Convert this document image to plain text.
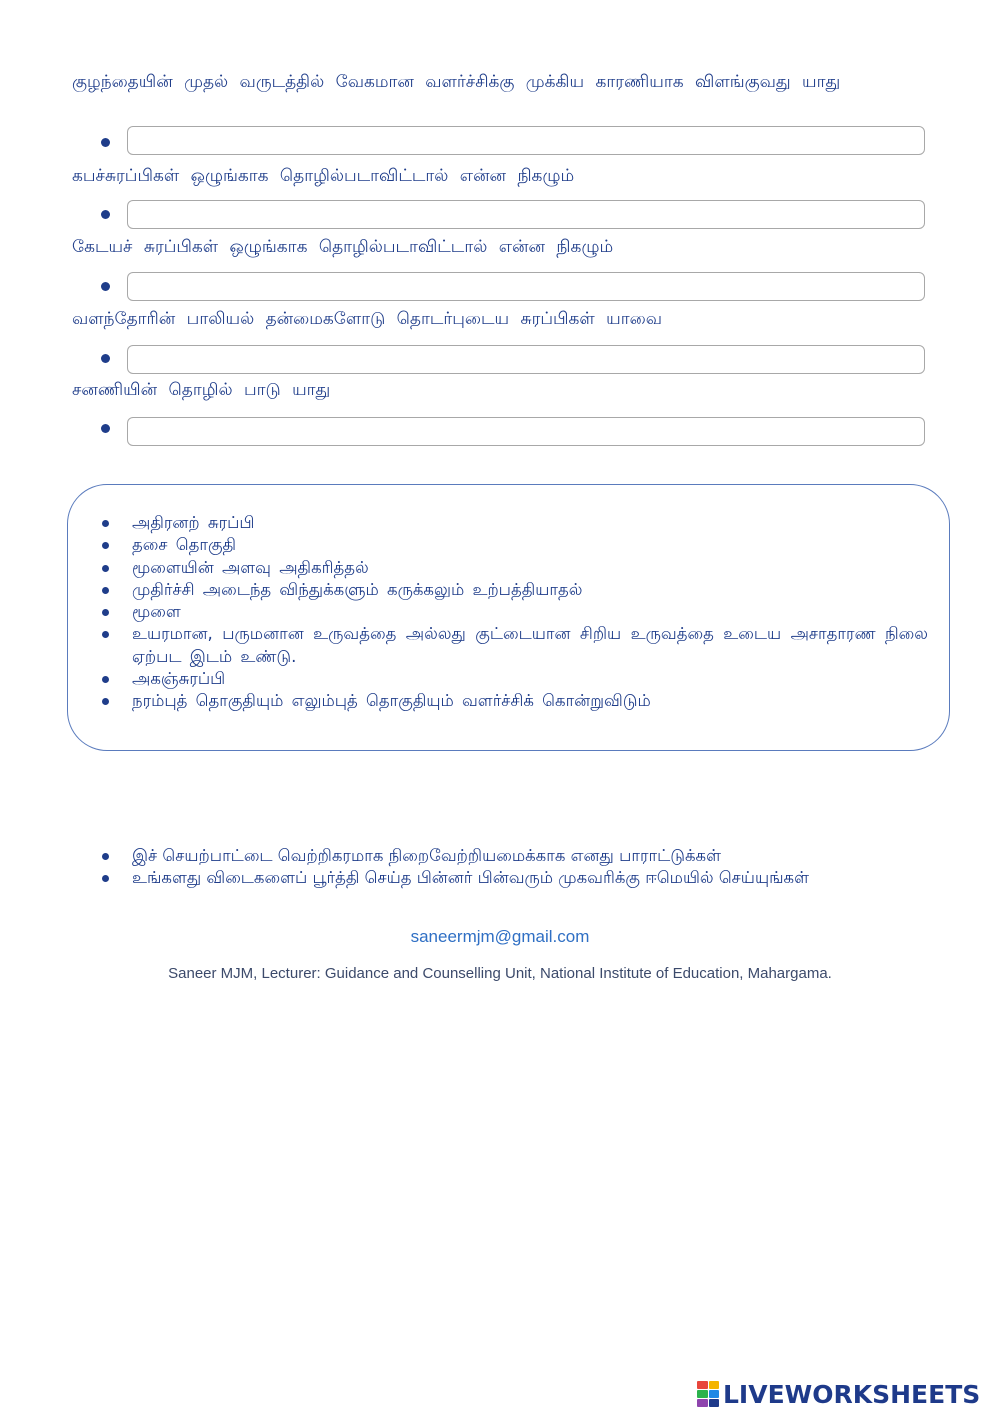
குழந்தையின் முதல் வருடத்தில் வேகமான வளர்ச்சிக்கு முக்கிய காரணியாக விளங்குவது யாது
கபச்சுரப்பிகள் ஒழுங்காக தொழில்படாவிட்டால் என்ன நிகழும்
கேடயச் சுரப்பிகள் ஒழுங்காக தொழில்படாவிட்டால் என்ன நிகழும்
வளந்தோரின் பாலியல் தன்மைகளோடு தொடர்புடைய சுரப்பிகள் யாவை
சனணியின் தொழில் பாடு யாது
அதிரனற் சுரப்பி
தசை தொகுதி
மூளையின் அளவு அதிகரித்தல்
முதிர்ச்சி அடைந்த விந்துக்களும் கருக்கலும் உற்பத்தியாதல்
மூளை
உயரமான, பருமனான உருவத்தை அல்லது குட்டையான சிறிய உருவத்தை உடைய அசாதாரண நிலை ஏற்பட இடம் உண்டு.
அகஞ்சுரப்பி
நரம்புத் தொகுதியும் எலும்புத் தொகுதியும் வளர்ச்சிக் கொன்றுவிடும்
இச் செயற்பாட்டை வெற்றிகரமாக நிறைவேற்றியமைக்காக எனது பாராட்டுக்கள்
உங்களது விடைகளைப் பூர்த்தி செய்த பின்னர் பின்வரும் முகவரிக்கு ஈமெயில் செய்யுங்கள்
saneermjm@gmail.com
Saneer MJM, Lecturer: Guidance and Counselling Unit, National Institute of Education, Mahargama.
LIVEWORKSHEETS
